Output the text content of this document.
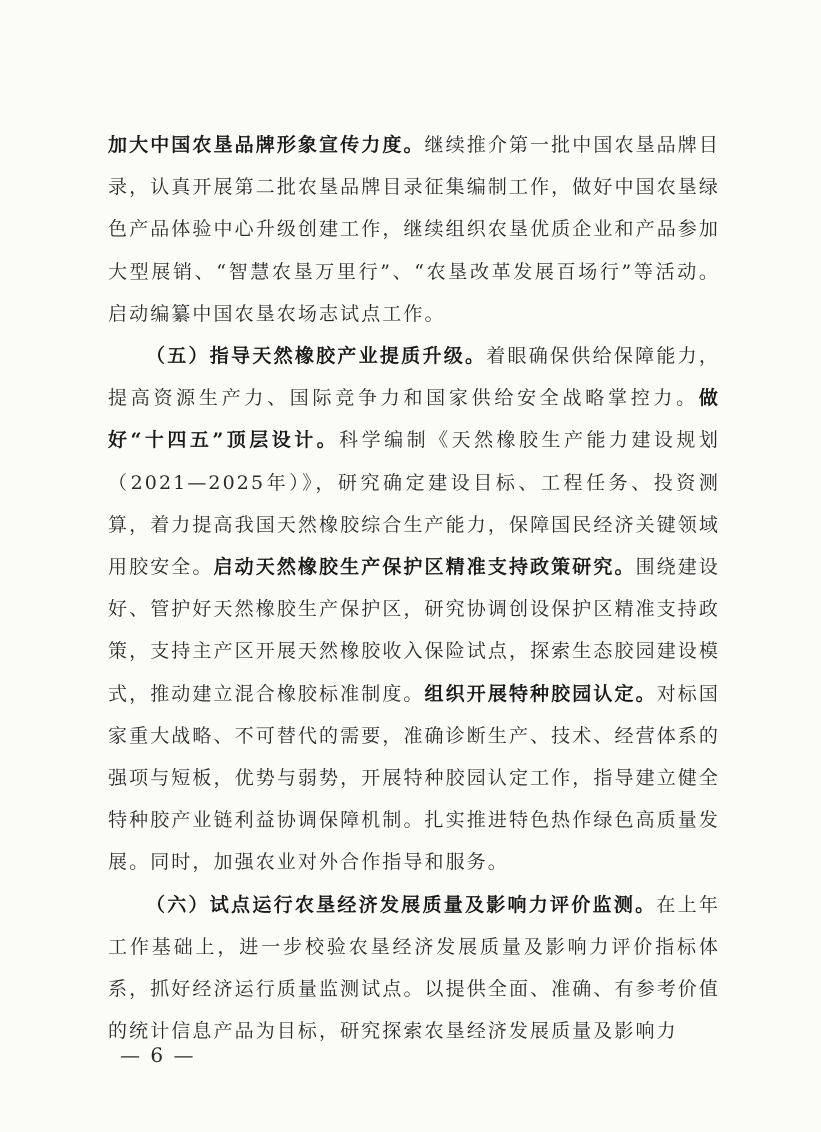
加大中国农垦品牌形象宣传力度。继续推介第一批中国农垦品牌目录，认真开展第二批农垦品牌目录征集编制工作，做好中国农垦绿色产品体验中心升级创建工作，继续组织农垦优质企业和产品参加大型展销、“智慧农垦万里行”、“农垦改革发展百场行”等活动。启动编纂中国农垦农场志试点工作。

（五）指导天然橡胶产业提质升级。着眼确保供给保障能力，提高资源生产力、国际竞争力和国家供给安全战略掌控力。做好“十四五”顶层设计。科学编制《天然橡胶生产能力建设规划（2021—2025年）》，研究确定建设目标、工程任务、投资测算，着力提高我国天然橡胶综合生产能力，保障国民经济关键领域用胶安全。启动天然橡胶生产保护区精准支持政策研究。围绕建设好、管护好天然橡胶生产保护区，研究协调创设保护区精准支持政策，支持主产区开展天然橡胶收入保险试点，探索生态胶园建设模式，推动建立混合橡胶标准制度。组织开展特种胶园认定。对标国家重大战略、不可替代的需要，准确诊断生产、技术、经营体系的强项与短板，优势与弱势，开展特种胶园认定工作，指导建立健全特种胶产业链利益协调保障机制。扎实推进特色热作绿色高质量发展。同时，加强农业对外合作指导和服务。

（六）试点运行农垦经济发展质量及影响力评价监测。在上年工作基础上，进一步校验农垦经济发展质量及影响力评价指标体系，抓好经济运行质量监测试点。以提供全面、准确、有参考价值的统计信息产品为目标，研究探索农垦经济发展质量及影响力

— 6 —
